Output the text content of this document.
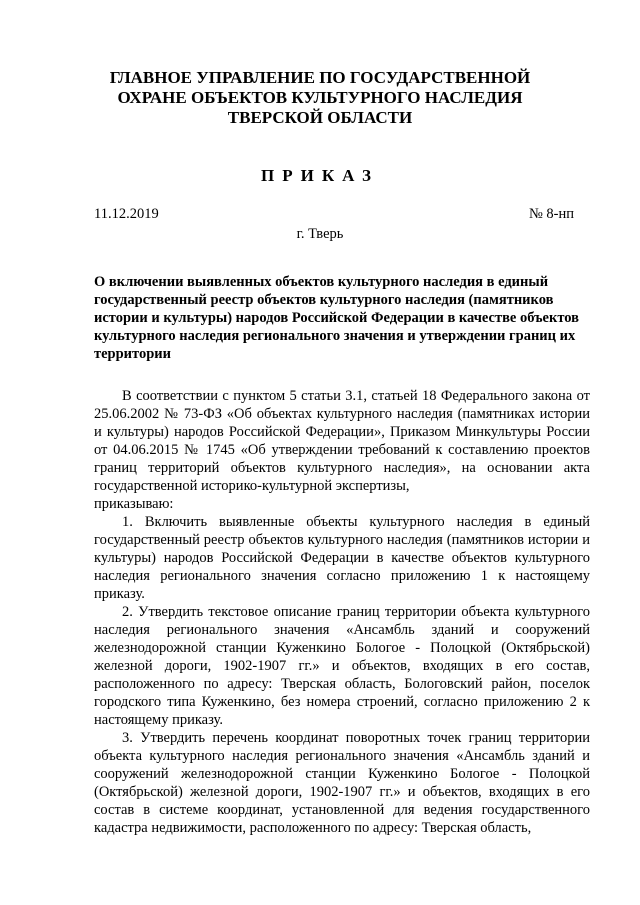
ГЛАВНОЕ УПРАВЛЕНИЕ ПО ГОСУДАРСТВЕННОЙ
ОХРАНЕ ОБЪЕКТОВ КУЛЬТУРНОГО НАСЛЕДИЯ
ТВЕРСКОЙ ОБЛАСТИ
ПРИКАЗ
11.12.2019	№ 8-нп
г. Тверь
О включении выявленных объектов культурного наследия в единый государственный реестр объектов культурного наследия (памятников истории и культуры) народов Российской Федерации в качестве объектов культурного наследия регионального значения и утверждении границ их территории

В соответствии с пунктом 5 статьи 3.1, статьей 18 Федерального закона от 25.06.2002 № 73-ФЗ «Об объектах культурного наследия (памятниках истории и культуры) народов Российской Федерации», Приказом Минкультуры России от 04.06.2015 № 1745 «Об утверждении требований к составлению проектов границ территорий объектов культурного наследия», на основании акта государственной историко-культурной экспертизы,

приказываю:

1. Включить выявленные объекты культурного наследия в единый государственный реестр объектов культурного наследия (памятников истории и культуры) народов Российской Федерации в качестве объектов культурного наследия регионального значения согласно приложению 1 к настоящему приказу.

2. Утвердить текстовое описание границ территории объекта культурного наследия регионального значения «Ансамбль зданий и сооружений железнодорожной станции Куженкино Бологое - Полоцкой (Октябрьской) железной дороги, 1902-1907 гг.» и объектов, входящих в его состав, расположенного по адресу: Тверская область, Бологовский район, поселок городского типа Куженкино, без номера строений, согласно приложению 2 к настоящему приказу.

3. Утвердить перечень координат поворотных точек границ территории объекта культурного наследия регионального значения «Ансамбль зданий и сооружений железнодорожной станции Куженкино Бологое - Полоцкой (Октябрьской) железной дороги, 1902-1907 гг.» и объектов, входящих в его состав в системе координат, установленной для ведения государственного кадастра недвижимости, расположенного по адресу: Тверская область,
